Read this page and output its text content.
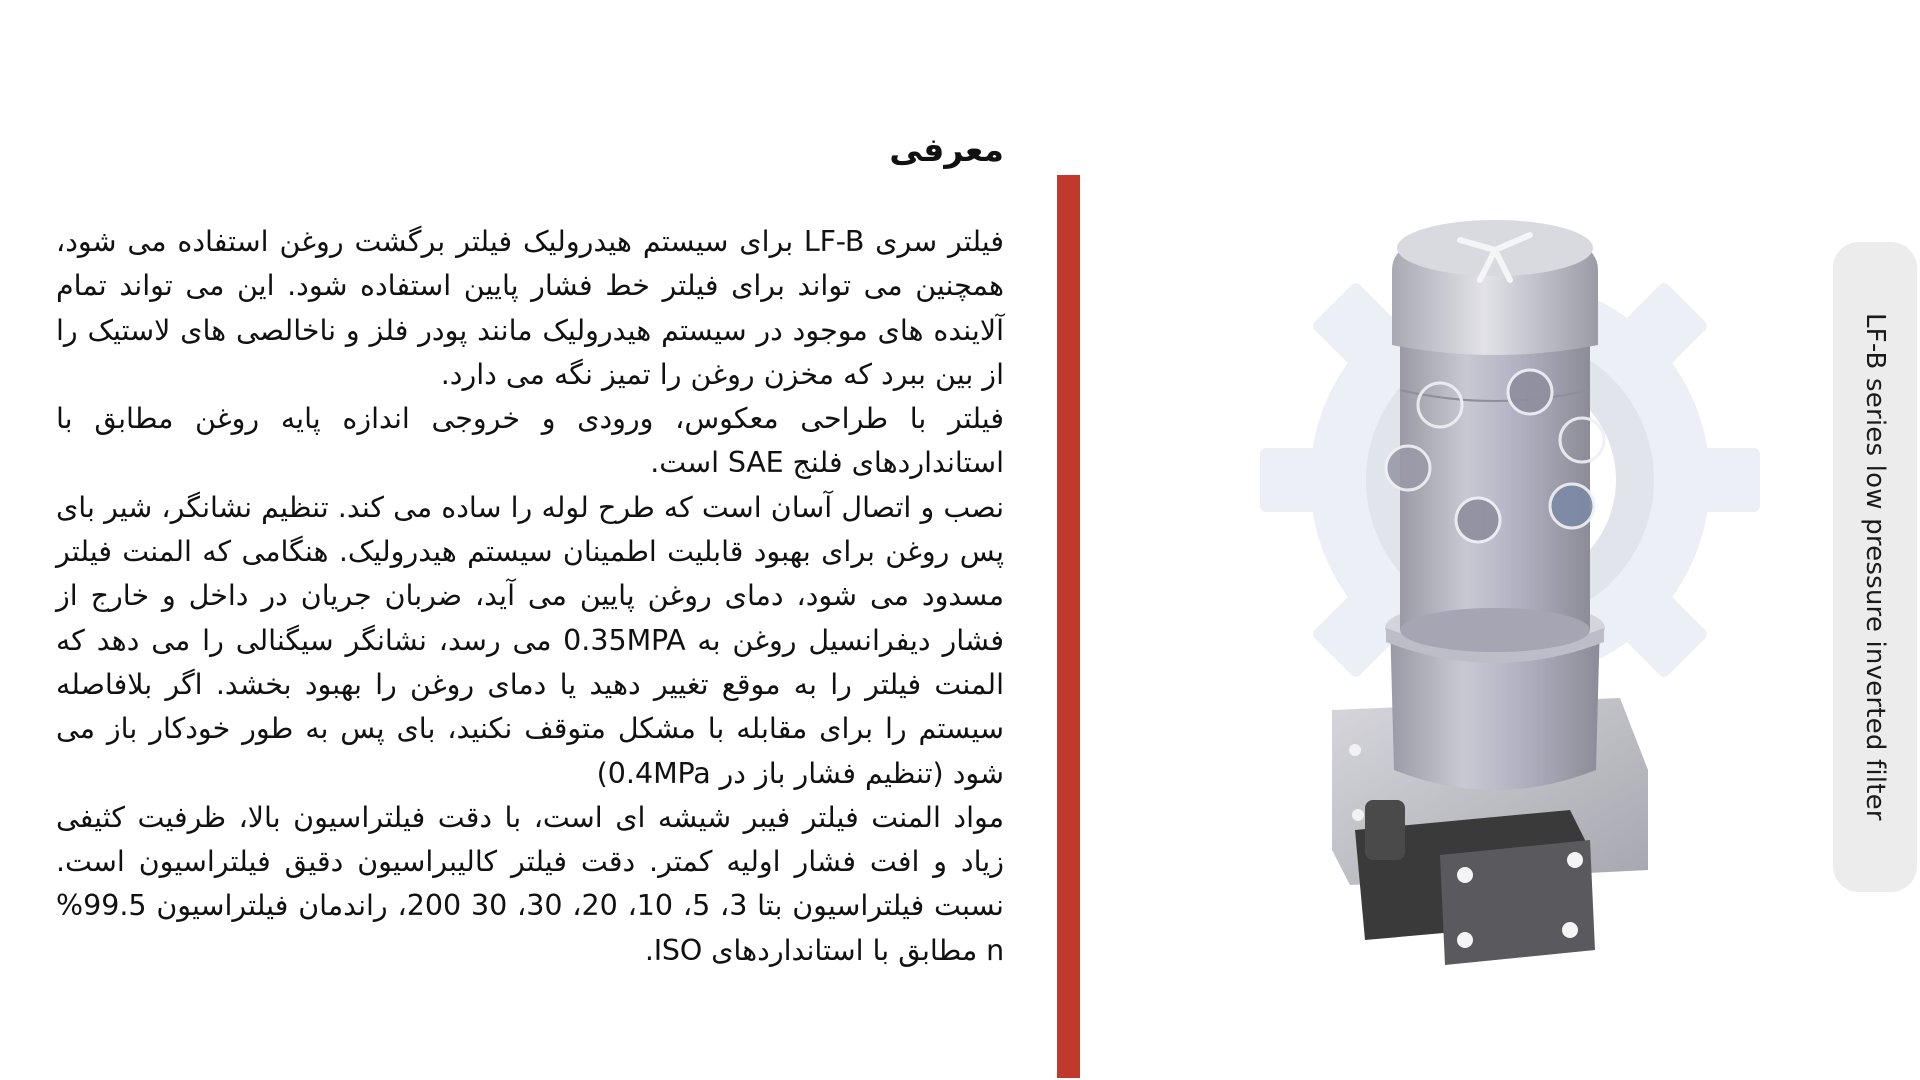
معرفی

فیلتر سری LF-B برای سیستم هیدرولیک فیلتر برگشت روغن استفاده می شود، همچنین می تواند برای فیلتر خط فشار پایین استفاده شود. این می تواند تمام آلاینده های موجود در سیستم هیدرولیک مانند پودر فلز و ناخالصی های لاستیک را از بین ببرد که مخزن روغن را تمیز نگه می دارد.

فیلتر با طراحی معکوس، ورودی و خروجی اندازه پایه روغن مطابق با استانداردهای فلنج SAE است.

نصب و اتصال آسان است که طرح لوله را ساده می کند. تنظیم نشانگر، شیر بای پس روغن برای بهبود قابلیت اطمینان سیستم هیدرولیک. هنگامی که المنت فیلتر مسدود می شود، دمای روغن پایین می آید، ضربان جریان در داخل و خارج از فشار دیفرانسیل روغن به 0.35MPA می رسد، نشانگر سیگنالی را می دهد که المنت فیلتر را به موقع تغییر دهید یا دمای روغن را بهبود بخشد. اگر بلافاصله سیستم را برای مقابله با مشکل متوقف نکنید، بای پس به طور خودکار باز می شود (تنظیم فشار باز در 0.4MPa)

مواد المنت فیلتر فیبر شیشه ای است، با دقت فیلتراسیون بالا، ظرفیت کثیفی زیاد و افت فشار اولیه کمتر. دقت فیلتر کالیبراسیون دقیق فیلتراسیون است. نسبت فیلتراسیون بتا 3، 5، 10، 20، 30، 30 200، راندمان فیلتراسیون 99.5% n مطابق با استانداردهای ISO.

LF-B series low pressure inverted filter
